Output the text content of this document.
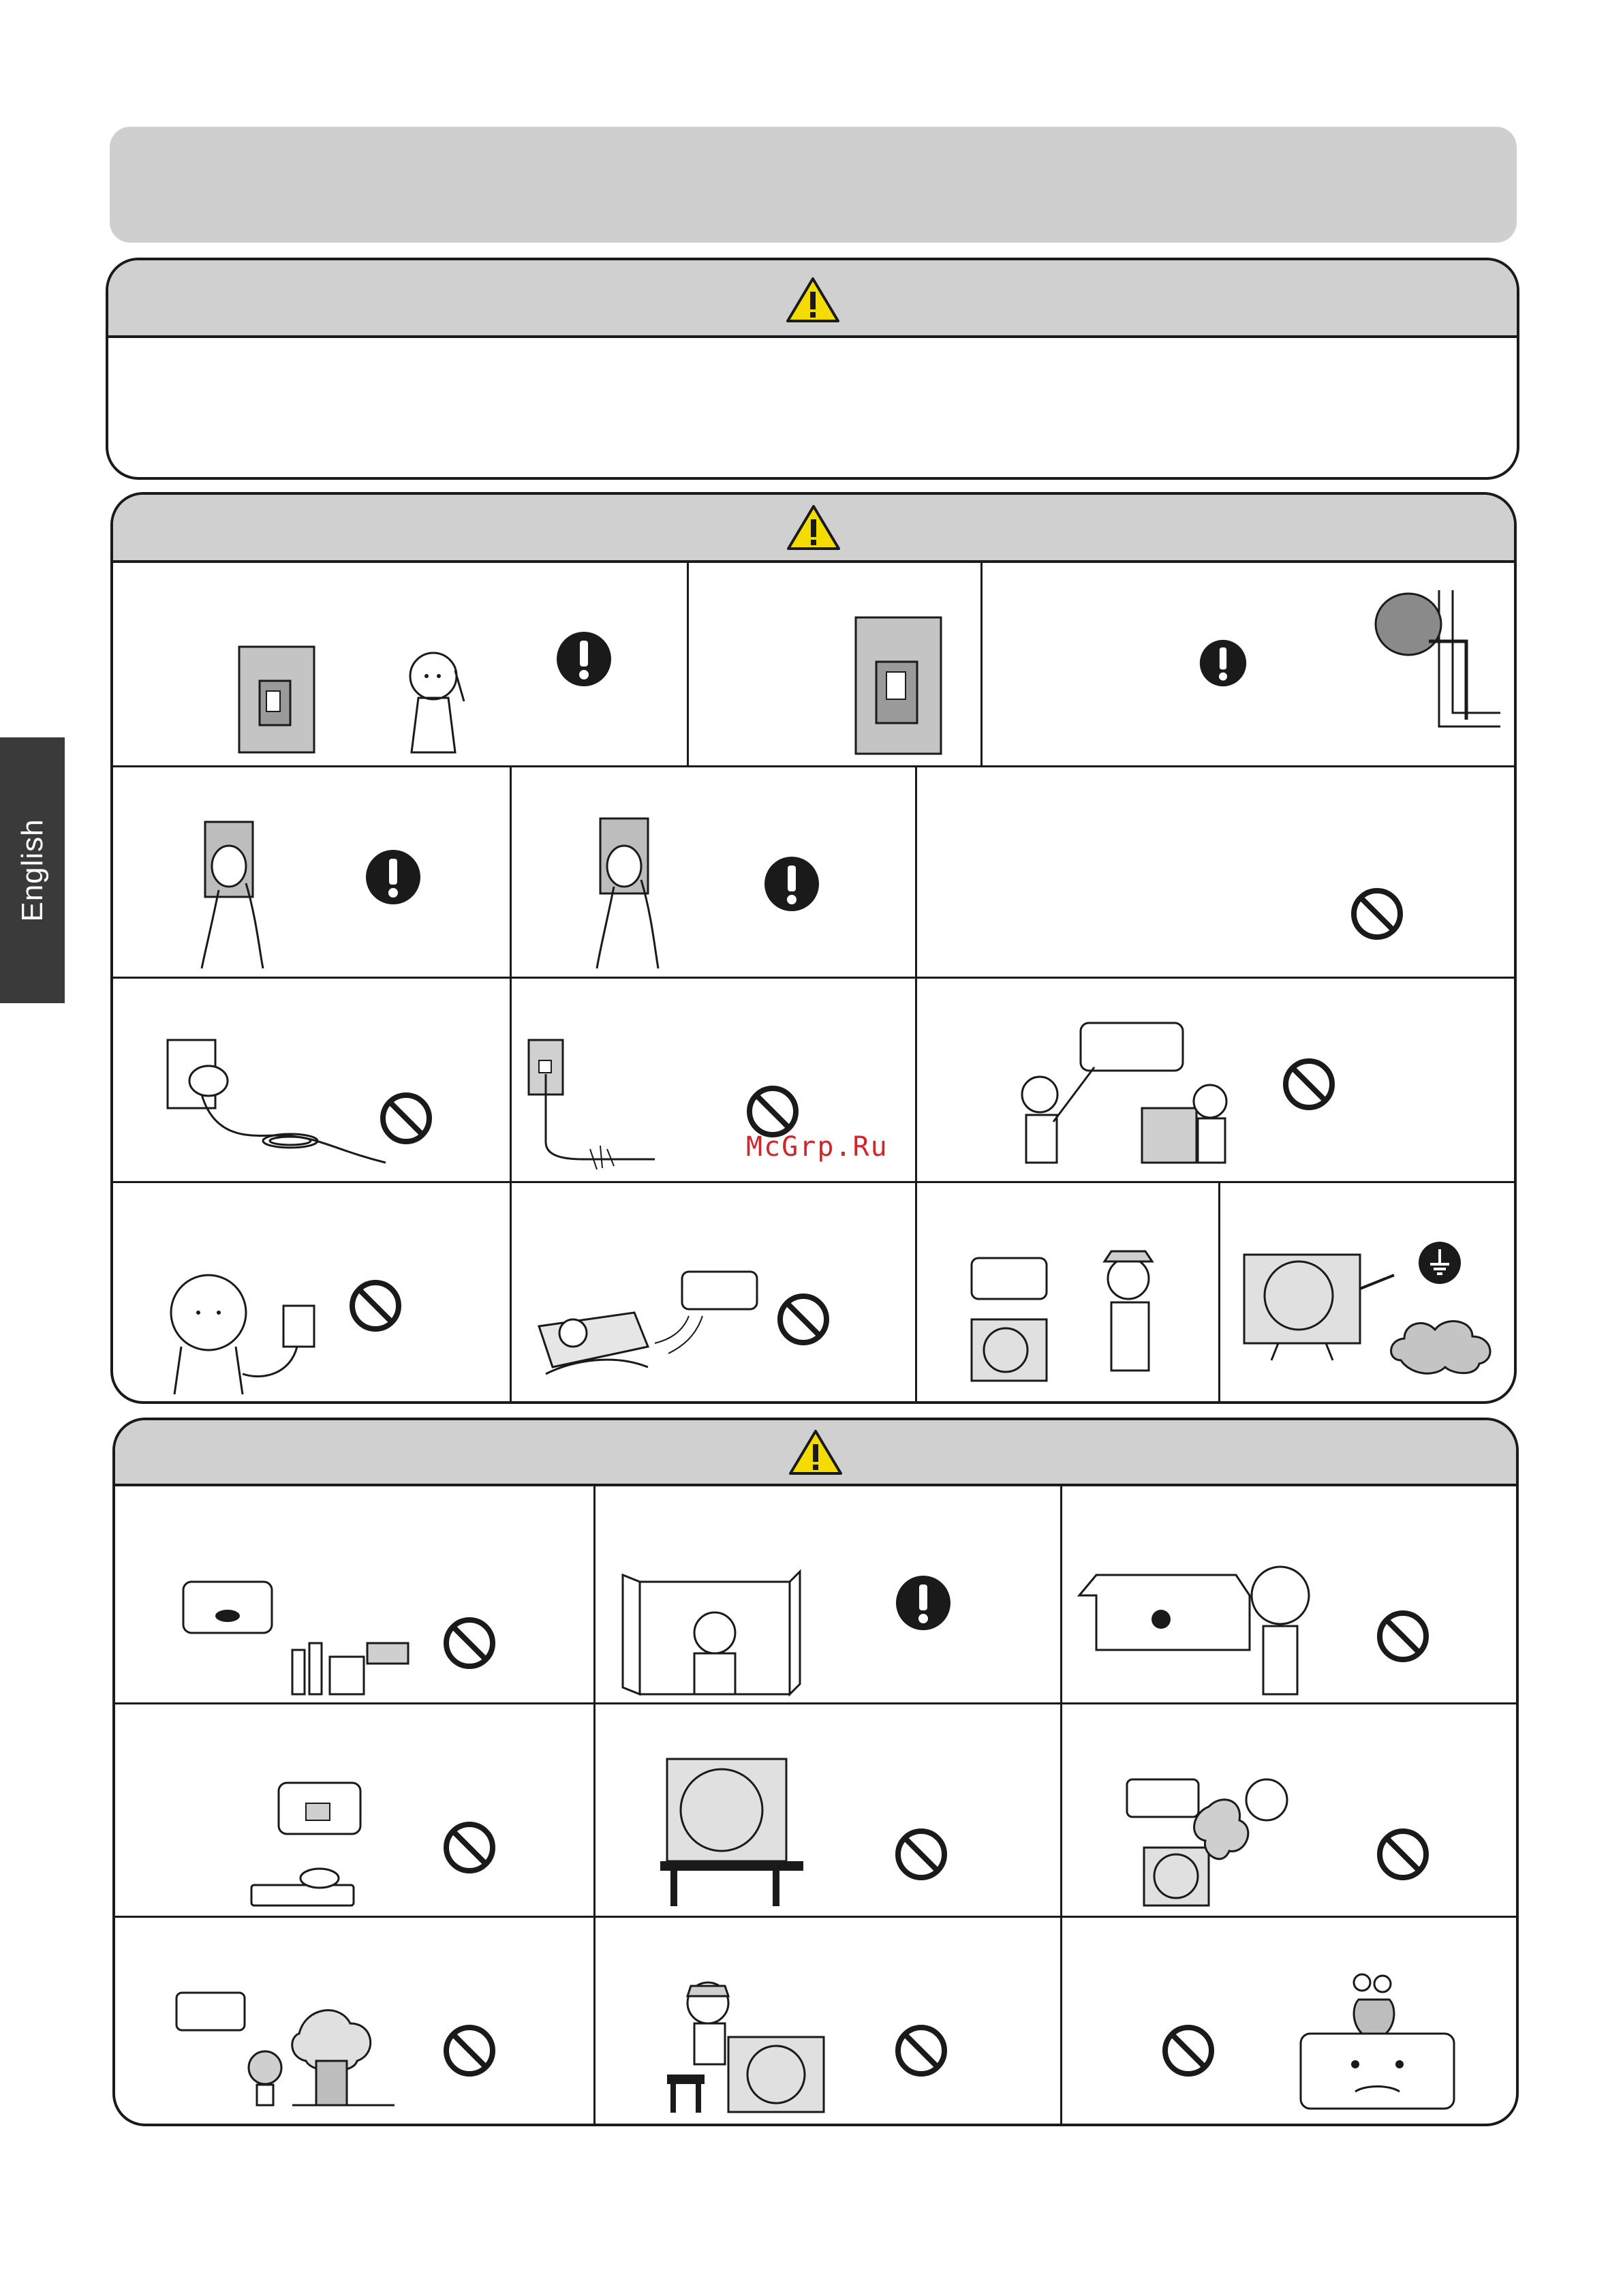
English
McGrp.Ru
